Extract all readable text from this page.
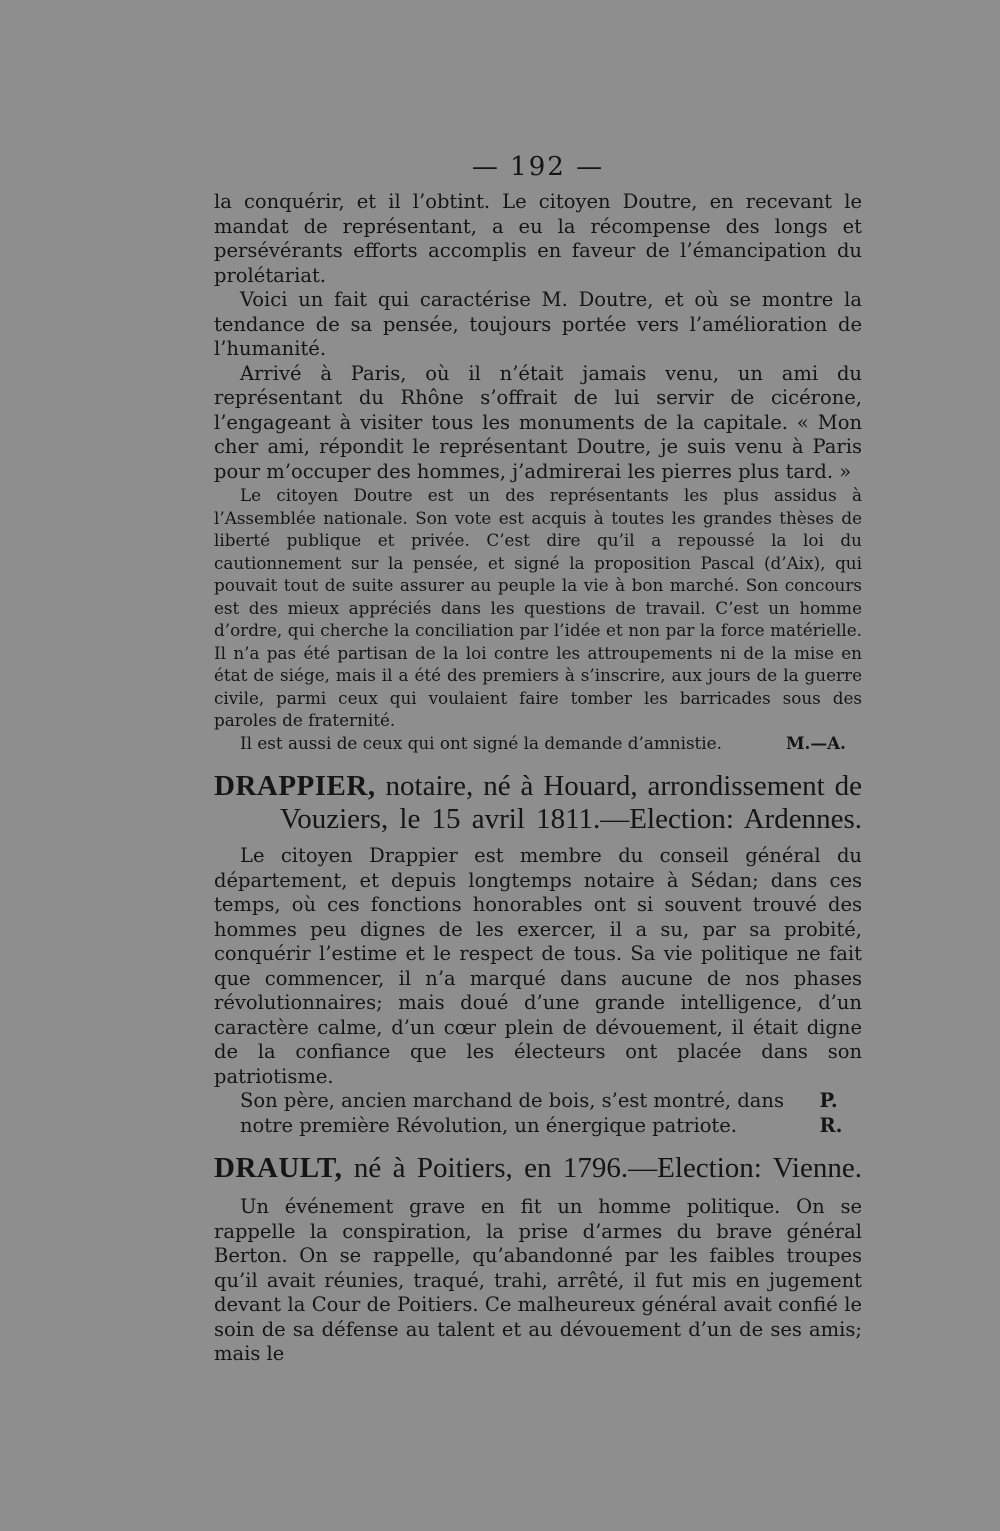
— 192 —

la conquérir, et il l’obtint. Le citoyen Doutre, en recevant le mandat de représentant, a eu la récompense des longs et persévérants efforts accomplis en faveur de l’émancipation du prolétariat.

Voici un fait qui caractérise M. Doutre, et où se montre la tendance de sa pensée, toujours portée vers l’amélioration de l’humanité.

Arrivé à Paris, où il n’était jamais venu, un ami du représentant du Rhône s’offrait de lui servir de cicérone, l’engageant à visiter tous les monuments de la capitale. « Mon cher ami, répondit le représentant Doutre, je suis venu à Paris pour m’occuper des hommes, j’admirerai les pierres plus tard. »

Le citoyen Doutre est un des représentants les plus assidus à l’Assemblée nationale. Son vote est acquis à toutes les grandes thèses de liberté publique et privée. C’est dire qu’il a repoussé la loi du cautionnement sur la pensée, et signé la proposition Pascal (d’Aix), qui pouvait tout de suite assurer au peuple la vie à bon marché. Son concours est des mieux appréciés dans les questions de travail. C’est un homme d’ordre, qui cherche la conciliation par l’idée et non par la force matérielle. Il n’a pas été partisan de la loi contre les attroupements ni de la mise en état de siége, mais il a été des premiers à s’inscrire, aux jours de la guerre civile, parmi ceux qui voulaient faire tomber les barricades sous des paroles de fraternité.

Il est aussi de ceux qui ont signé la demande d’amnistie.	M.—A.
DRAPPIER, notaire, né à Houard, arrondissement de Vouziers, le 15 avril 1811.—Election: Ardennes.

Le citoyen Drappier est membre du conseil général du département, et depuis longtemps notaire à Sédan; dans ces temps, où ces fonctions honorables ont si souvent trouvé des hommes peu dignes de les exercer, il a su, par sa probité, conquérir l’estime et le respect de tous. Sa vie politique ne fait que commencer, il n’a marqué dans aucune de nos phases révolutionnaires; mais doué d’une grande intelligence, d’un caractère calme, d’un cœur plein de dévouement, il était digne de la confiance que les électeurs ont placée dans son patriotisme.

Son père, ancien marchand de bois, s’est montré, dans notre première Révolution, un énergique patriote.
P. R.
DRAULT, né à Poitiers, en 1796.—Election: Vienne.

Un événement grave en fit un homme politique. On se rappelle la conspiration, la prise d’armes du brave général Berton. On se rappelle, qu’abandonné par les faibles troupes qu’il avait réunies, traqué, trahi, arrêté, il fut mis en jugement devant la Cour de Poitiers. Ce malheureux général avait confié le soin de sa défense au talent et au dévouement d’un de ses amis; mais le
